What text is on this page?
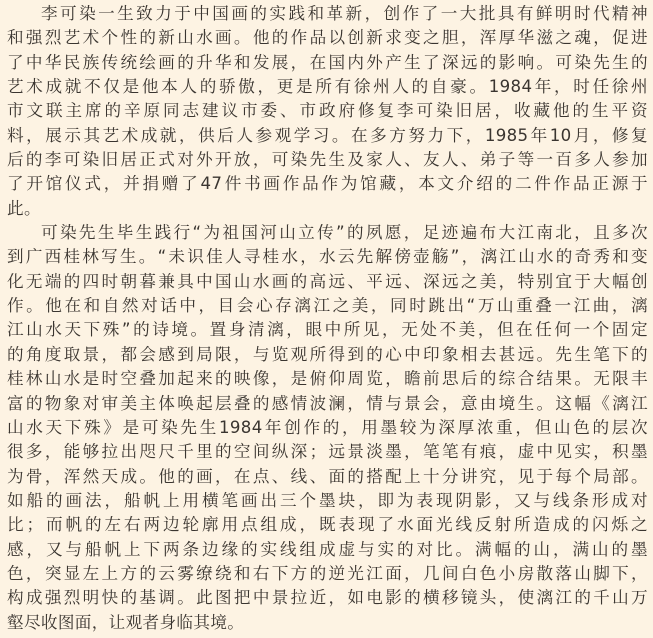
李可染一生致力于中国画的实践和革新，创作了一大批具有鲜明时代精神
和强烈艺术个性的新山水画。他的作品以创新求变之胆，浑厚华滋之魂，促进
了中华民族传统绘画的升华和发展，在国内外产生了深远的影响。可染先生的
艺术成就不仅是他本人的骄傲，更是所有徐州人的自豪。1984年，时任徐州
市文联主席的辛原同志建议市委、市政府修复李可染旧居，收藏他的生平资
料，展示其艺术成就，供后人参观学习。在多方努力下，1985年10月，修复
后的李可染旧居正式对外开放，可染先生及家人、友人、弟子等一百多人参加
了开馆仪式，并捐赠了47件书画作品作为馆藏，本文介绍的二件作品正源于
此。
可染先生毕生践行“为祖国河山立传”的夙愿，足迹遍布大江南北，且多次
到广西桂林写生。“未识佳人寻桂水，水云先解傍壶觞”，漓江山水的奇秀和变
化无端的四时朝暮兼具中国山水画的高远、平远、深远之美，特别宜于大幅创
作。他在和自然对话中，目会心存漓江之美，同时跳出“万山重叠一江曲，漓
江山水天下殊”的诗境。置身清漓，眼中所见，无处不美，但在任何一个固定
的角度取景，都会感到局限，与览观所得到的心中印象相去甚远。先生笔下的
桂林山水是时空叠加起来的映像，是俯仰周览，瞻前思后的综合结果。无限丰
富的物象对审美主体唤起层叠的感情波澜，情与景会，意由境生。这幅《漓江
山水天下殊》是可染先生1984年创作的，用墨较为深厚浓重，但山色的层次
很多，能够拉出咫尺千里的空间纵深；远景淡墨，笔笔有痕，虚中见实，积墨
为骨，浑然天成。他的画，在点、线、面的搭配上十分讲究，见于每个局部。
如船的画法，船帆上用横笔画出三个墨块，即为表现阴影，又与线条形成对
比；而帆的左右两边轮廓用点组成，既表现了水面光线反射所造成的闪烁之
感，又与船帆上下两条边缘的实线组成虚与实的对比。满幅的山，满山的墨
色，突显左上方的云雾缭绕和右下方的逆光江面，几间白色小房散落山脚下，
构成强烈明快的基调。此图把中景拉近，如电影的横移镜头，使漓江的千山万
壑尽收图面，让观者身临其境。
